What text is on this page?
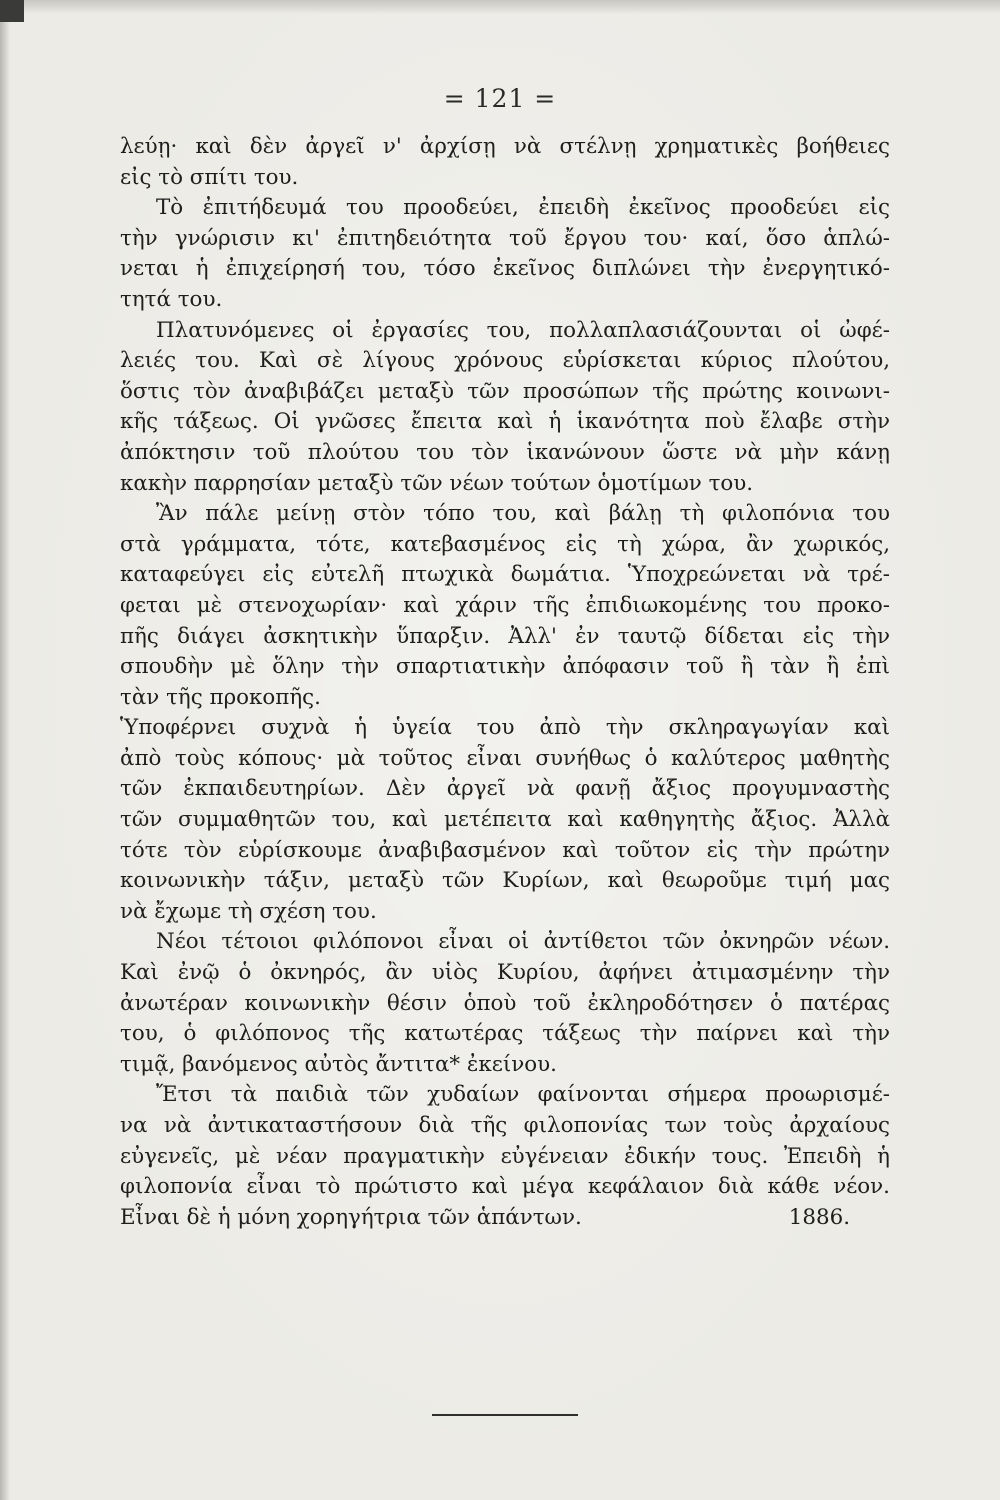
= 121 =
λεύῃ· καὶ δὲν ἀργεῖ ν' ἀρχίσῃ νὰ στέλνῃ χρηματικὲς βοήθειες
εἰς τὸ σπίτι του.
Τὸ ἐπιτήδευμά του προοδεύει, ἐπειδὴ ἐκεῖνος προοδεύει εἰς
τὴν γνώρισιν κι' ἐπιτηδειότητα τοῦ ἔργου του· καί, ὅσο ἁπλώ-
νεται ἡ ἐπιχείρησή του, τόσο ἐκεῖνος διπλώνει τὴν ἐνεργητικό-
τητά του.
Πλατυνόμενες οἱ ἐργασίες του, πολλαπλασιάζουνται οἱ ὠφέ-
λειές του. Καὶ σὲ λίγους χρόνους εὑρίσκεται κύριος πλούτου,
ὅστις τὸν ἀναβιβάζει μεταξὺ τῶν προσώπων τῆς πρώτης κοινωνι-
κῆς τάξεως. Οἱ γνῶσες ἔπειτα καὶ ἡ ἱκανότητα ποὺ ἔλαβε στὴν
ἀπόκτησιν τοῦ πλούτου του τὸν ἱκανώνουν ὥστε νὰ μὴν κάνῃ
κακὴν παρρησίαν μεταξὺ τῶν νέων τούτων ὁμοτίμων του.
Ἂν πάλε μείνῃ στὸν τόπο του, καὶ βάλῃ τὴ φιλοπόνια του
στὰ γράμματα, τότε, κατεβασμένος εἰς τὴ χώρα, ἂν χωρικός,
καταφεύγει εἰς εὐτελῆ πτωχικὰ δωμάτια. Ὑποχρεώνεται νὰ τρέ-
φεται μὲ στενοχωρίαν· καὶ χάριν τῆς ἐπιδιωκομένης του προκο-
πῆς διάγει ἀσκητικὴν ὕπαρξιν. Ἀλλ' ἐν ταυτῷ δίδεται εἰς τὴν
σπουδὴν μὲ ὅλην τὴν σπαρτιατικὴν ἀπόφασιν τοῦ ἢ τὰν ἢ ἐπὶ
τὰν τῆς προκοπῆς.
Ὑποφέρνει συχνὰ ἡ ὑγεία του ἀπὸ τὴν σκληραγωγίαν καὶ
ἀπὸ τοὺς κόπους· μὰ τοῦτος εἶναι συνήθως ὁ καλύτερος μαθητὴς
τῶν ἐκπαιδευτηρίων. Δὲν ἀργεῖ νὰ φανῇ ἄξιος προγυμναστὴς
τῶν συμμαθητῶν του, καὶ μετέπειτα καὶ καθηγητὴς ἄξιος. Ἀλλὰ
τότε τὸν εὑρίσκουμε ἀναβιβασμένον καὶ τοῦτον εἰς τὴν πρώτην
κοινωνικὴν τάξιν, μεταξὺ τῶν Κυρίων, καὶ θεωροῦμε τιμή μας
νὰ ἔχωμε τὴ σχέση του.
Νέοι τέτοιοι φιλόπονοι εἶναι οἱ ἀντίθετοι τῶν ὀκνηρῶν νέων.
Καὶ ἐνῷ ὁ ὀκνηρός, ἂν υἱὸς Κυρίου, ἀφήνει ἀτιμασμένην τὴν
ἀνωτέραν κοινωνικὴν θέσιν ὁποὺ τοῦ ἐκληροδότησεν ὁ πατέρας
του, ὁ φιλόπονος τῆς κατωτέρας τάξεως τὴν παίρνει καὶ τὴν
τιμᾷ, βανόμενος αὐτὸς ἄντιτα* ἐκείνου.
Ἔτσι τὰ παιδιὰ τῶν χυδαίων φαίνονται σήμερα προωρισμέ-
να νὰ ἀντικαταστήσουν διὰ τῆς φιλοπονίας των τοὺς ἀρχαίους
εὐγενεῖς, μὲ νέαν πραγματικὴν εὐγένειαν ἐδικήν τους. Ἐπειδὴ ἡ
φιλοπονία εἶναι τὸ πρώτιστο καὶ μέγα κεφάλαιον διὰ κάθε νέον.
Εἶναι δὲ ἡ μόνη χορηγήτρια τῶν ἁπάντων.	1886.
